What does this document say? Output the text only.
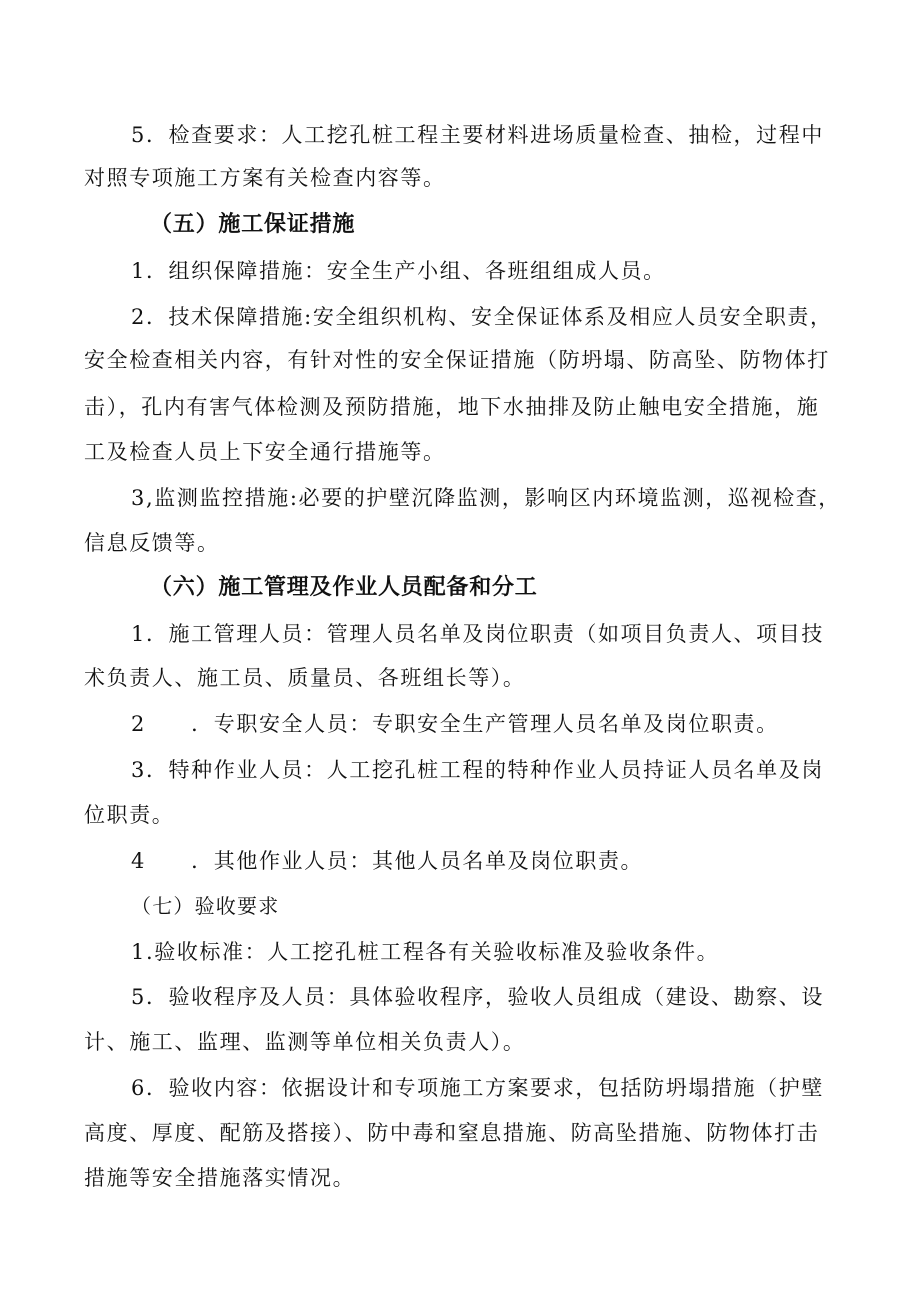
5．检查要求：人工挖孔桩工程主要材料进场质量检查、抽检，过程中

对照专项施工方案有关检查内容等。

（五）施工保证措施

1．组织保障措施：安全生产小组、各班组组成人员。

2．技术保障措施:安全组织机构、安全保证体系及相应人员安全职责，

安全检查相关内容，有针对性的安全保证措施（防坍塌、防高坠、防物体打

击），孔内有害气体检测及预防措施，地下水抽排及防止触电安全措施，施

工及检查人员上下安全通行措施等。

3,监测监控措施:必要的护壁沉降监测，影响区内环境监测，巡视检查，

信息反馈等。

（六）施工管理及作业人员配备和分工

1．施工管理人员：管理人员名单及岗位职责（如项目负责人、项目技

术负责人、施工员、质量员、各班组长等）。

2　　．专职安全人员：专职安全生产管理人员名单及岗位职责。

3．特种作业人员：人工挖孔桩工程的特种作业人员持证人员名单及岗

位职责。

4　　．其他作业人员：其他人员名单及岗位职责。

（七）验收要求

1.验收标准：人工挖孔桩工程各有关验收标准及验收条件。

5．验收程序及人员：具体验收程序，验收人员组成（建设、勘察、设

计、施工、监理、监测等单位相关负责人）。

6．验收内容：依据设计和专项施工方案要求，包括防坍塌措施（护壁

高度、厚度、配筋及搭接）、防中毒和窒息措施、防高坠措施、防物体打击

措施等安全措施落实情况。
